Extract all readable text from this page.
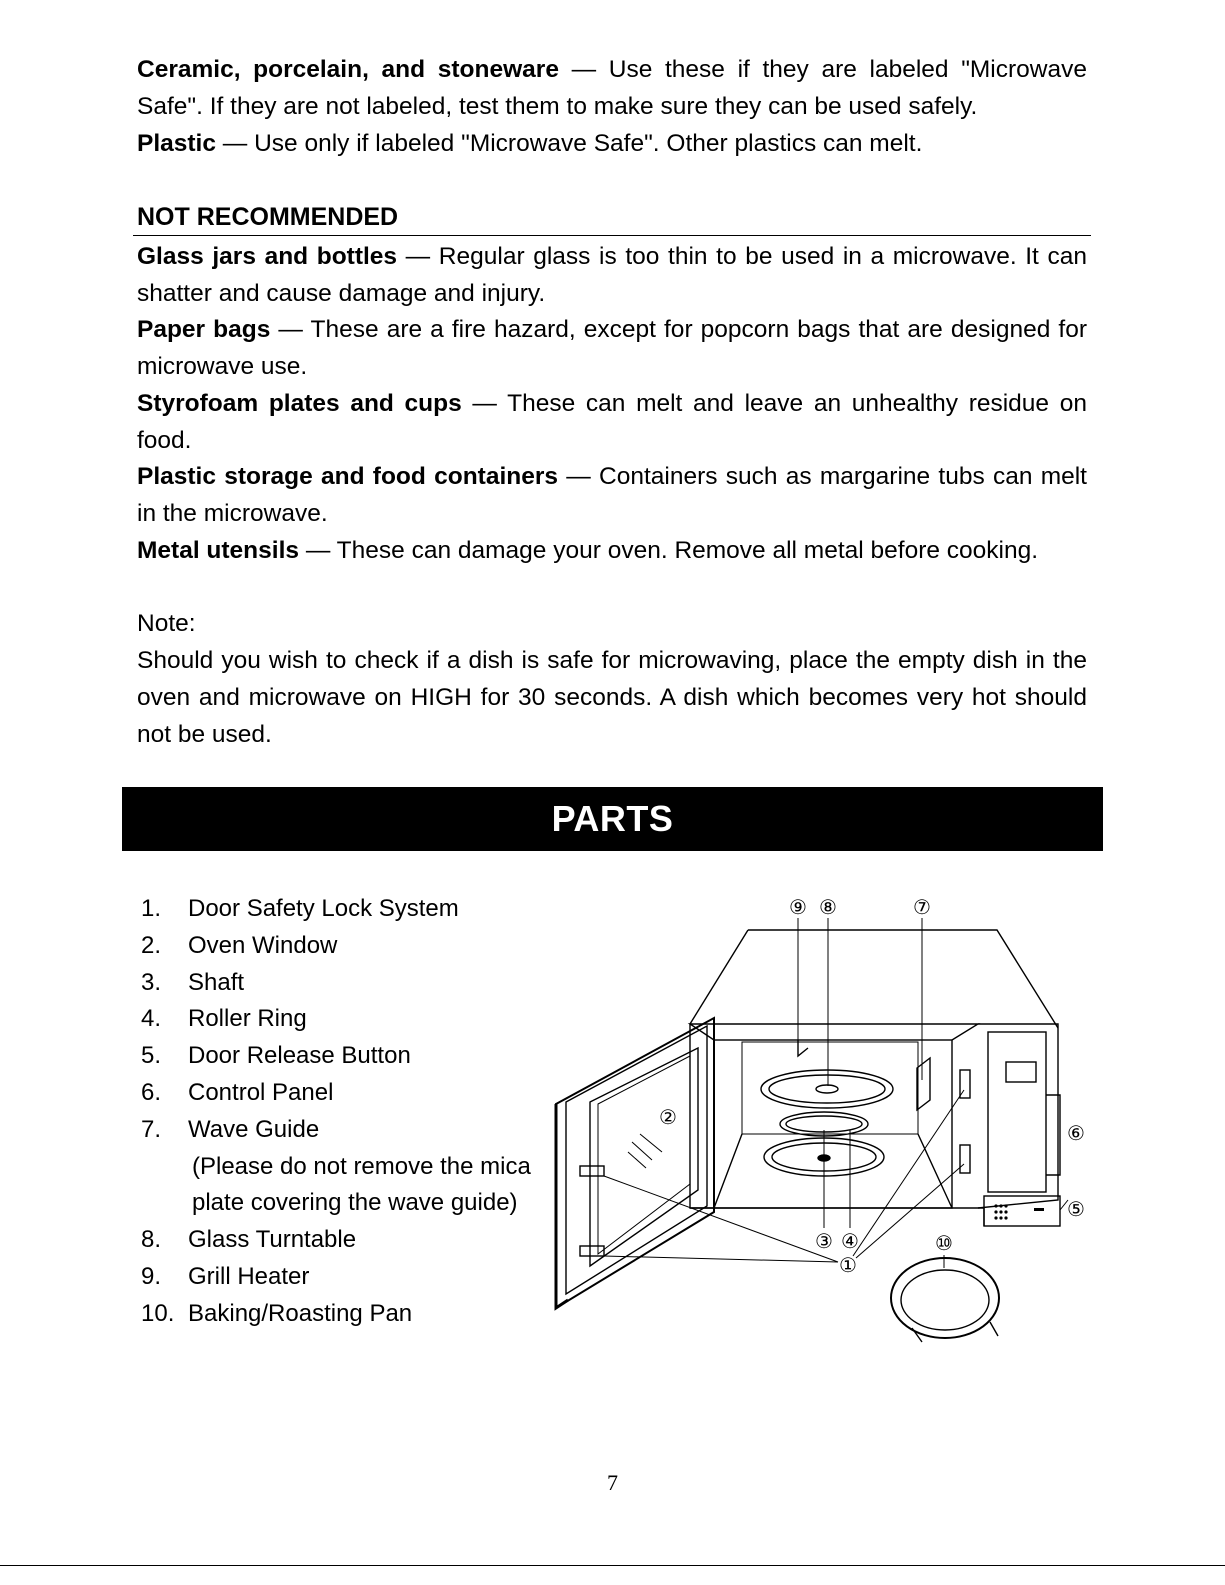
Ceramic, porcelain, and stoneware — Use these if they are labeled "Microwave Safe". If they are not labeled, test them to make sure they can be used safely.

Plastic — Use only if labeled "Microwave Safe". Other plastics can melt.

NOT RECOMMENDED

Glass jars and bottles — Regular glass is too thin to be used in a microwave. It can shatter and cause damage and injury.

Paper bags — These are a fire hazard, except for popcorn bags that are designed for microwave use.

Styrofoam plates and cups — These can melt and leave an unhealthy residue on food.

Plastic storage and food containers — Containers such as margarine tubs can melt in the microwave.

Metal utensils — These can damage your oven. Remove all metal before cooking.

Note:

Should you wish to check if a dish is safe for microwaving, place the empty dish in the oven and microwave on HIGH for 30 seconds. A dish which becomes very hot should not be used.

PARTS
1. Door Safety Lock System
2. Oven Window
3. Shaft
4. Roller Ring
5. Door Release Button
6. Control Panel
7. Wave Guide
(Please do not remove the mica
plate covering the wave guide)
8. Glass Turntable
9. Grill Heater
10. Baking/Roasting Pan
⑨ ⑧	⑦
②
⑥
⑤
③ ④
①
⑩
7
